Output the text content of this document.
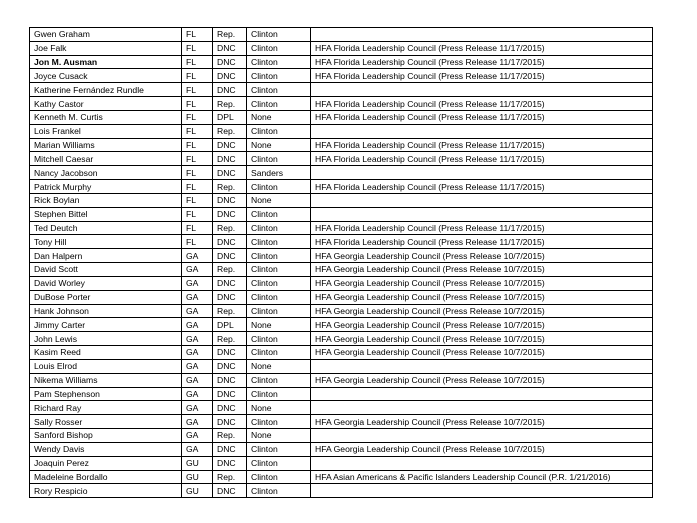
Gwen Graham	FL	Rep.	Clinton	
Joe Falk	FL	DNC	Clinton	HFA Florida Leadership Council (Press Release 11/17/2015)
Jon M. Ausman	FL	DNC	Clinton	HFA Florida Leadership Council (Press Release 11/17/2015)
Joyce Cusack	FL	DNC	Clinton	HFA Florida Leadership Council (Press Release 11/17/2015)
Katherine Fernández Rundle	FL	DNC	Clinton	
Kathy Castor	FL	Rep.	Clinton	HFA Florida Leadership Council (Press Release 11/17/2015)
Kenneth M. Curtis	FL	DPL	None	HFA Florida Leadership Council (Press Release 11/17/2015)
Lois Frankel	FL	Rep.	Clinton	
Marian Williams	FL	DNC	None	HFA Florida Leadership Council (Press Release 11/17/2015)
Mitchell Caesar	FL	DNC	Clinton	HFA Florida Leadership Council (Press Release 11/17/2015)
Nancy Jacobson	FL	DNC	Sanders	
Patrick Murphy	FL	Rep.	Clinton	HFA Florida Leadership Council (Press Release 11/17/2015)
Rick Boylan	FL	DNC	None	
Stephen Bittel	FL	DNC	Clinton	
Ted Deutch	FL	Rep.	Clinton	HFA Florida Leadership Council (Press Release 11/17/2015)
Tony Hill	FL	DNC	Clinton	HFA Florida Leadership Council (Press Release 11/17/2015)
Dan Halpern	GA	DNC	Clinton	HFA Georgia Leadership Council (Press Release 10/7/2015)
David Scott	GA	Rep.	Clinton	HFA Georgia Leadership Council (Press Release 10/7/2015)
David Worley	GA	DNC	Clinton	HFA Georgia Leadership Council (Press Release 10/7/2015)
DuBose Porter	GA	DNC	Clinton	HFA Georgia Leadership Council (Press Release 10/7/2015)
Hank Johnson	GA	Rep.	Clinton	HFA Georgia Leadership Council (Press Release 10/7/2015)
Jimmy Carter	GA	DPL	None	HFA Georgia Leadership Council (Press Release 10/7/2015)
John Lewis	GA	Rep.	Clinton	HFA Georgia Leadership Council (Press Release 10/7/2015)
Kasim Reed	GA	DNC	Clinton	HFA Georgia Leadership Council (Press Release 10/7/2015)
Louis Elrod	GA	DNC	None	
Nikema Williams	GA	DNC	Clinton	HFA Georgia Leadership Council (Press Release 10/7/2015)
Pam Stephenson	GA	DNC	Clinton	
Richard Ray	GA	DNC	None	
Sally Rosser	GA	DNC	Clinton	HFA Georgia Leadership Council (Press Release 10/7/2015)
Sanford Bishop	GA	Rep.	None	
Wendy Davis	GA	DNC	Clinton	HFA Georgia Leadership Council (Press Release 10/7/2015)
Joaquin Perez	GU	DNC	Clinton	
Madeleine Bordallo	GU	Rep.	Clinton	HFA Asian Americans & Pacific Islanders Leadership Council (P.R. 1/21/2016)
Rory Respicio	GU	DNC	Clinton	
